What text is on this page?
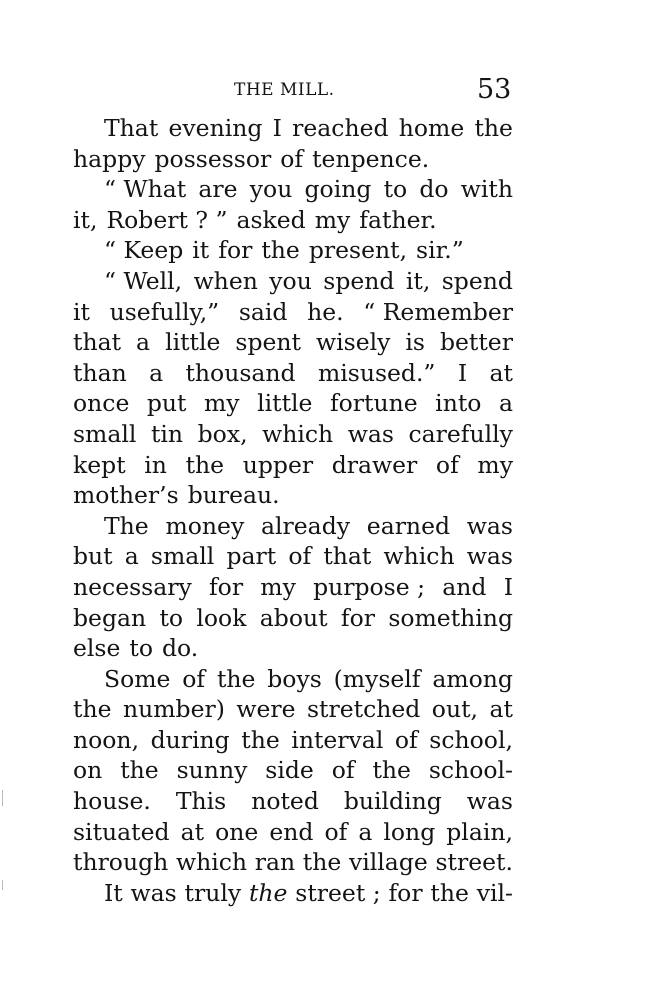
THE MILL.	53
That evening I reached home the
happy possessor of tenpence.
“ What are you going to do with
it, Robert ? ” asked my father.
“ Keep it for the present, sir.”
“ Well, when you spend it, spend
it usefully,” said he. “ Remember
that a little spent wisely is better
than a thousand misused.” I at
once put my little fortune into a
small tin box, which was carefully
kept in the upper drawer of my
mother’s bureau.
The money already earned was
but a small part of that which was
necessary for my purpose ; and I
began to look about for something
else to do.
Some of the boys (myself among
the number) were stretched out, at
noon, during the interval of school,
on the sunny side of the school-
house. This noted building was
situated at one end of a long plain,
through which ran the village street.
It was truly the street ; for the vil-
